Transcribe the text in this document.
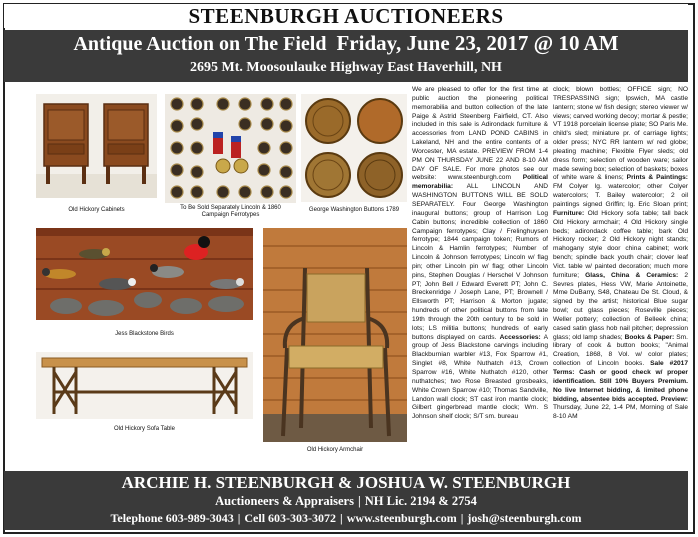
STEENBURGH AUCTIONEERS
Antique Auction on The Field Friday, June 23, 2017 @ 10 AM
2695 Mt. Moosoulauke Highway East Haverhill, NH
Old Hickory Cabinets	To Be Sold Separately Lincoln & 1860
Campaign Ferrotypes
George Washington Buttons 1789
Jess Blackstone Birds
Old Hickory Sofa Table
Old Hickory Armchair
We are pleased to offer for the first time at public auction the pioneering political memorabilia and button collection of the late Paige & Astrid Steenberg Fairfield, CT. Also included in this sale is Adirondack furniture & accessories from LAND POND CABINS in Lakeland, NH and the entire contents of a Worcester, MA estate. PREVIEW FROM 1-4 PM ON THURSDAY JUNE 22 AND 8-10 AM DAY OF SALE. For more photos see our website: www.steenburgh.com Political memorabilia: ALL LINCOLN AND WASHINGTON BUTTONS WILL BE SOLD SEPARATELY. Four George Washington inaugural buttons; group of Harrison Log Cabin buttons; incredible collection of 1860 Campaign ferrotypes; Clay / Frelinghuysen ferrotype; 1844 campaign token; Rumors of Lincoln & Hamlin ferrotypes; Number of Lincoln & Johnson ferrotypes; Lincoln w/ flag pin; other Lincoln pin w/ flag; other Lincoln pins, Stephen Douglas / Herschel V Johnson PT; John Bell / Edward Everett PT; John C. Breckenridge / Joseph Lane, PT; Brownell / Ellsworth PT; Harrison & Morton jugate; hundreds of other political buttons from late 19th through the 20th century to be sold in lots; LS militia buttons; hundreds of early buttons displayed on cards. Accessories: A group of Jess Blackstone carvings including Blackburnian warbler #13, Fox Sparrow #1, Singlet #8, White Nuthatch #13, Crown Sparrow #16, White Nuthatch #120, other nuthatches; two Rose Breasted grosbeaks, White Crown Sparrow #10; Thomas Sandville, Landon wall clock; ST cast iron mantle clock; Gilbert gingerbread mantle clock; Wm. S Johnson shelf clock; S/T sm. bureau
clock; blown bottles; OFFICE sign; NO TRESPASSING sign; Ipswich, MA castle lantern; stone w/ fish design; stereo viewer w/ views; carved working decoy; mortar & pestle; VT 1918 porcelain license plate; SO Paris Me. child's sled; miniature pr. of carriage lights; older press; NYC RR lantern w/ red globe; pleating machine; Flexible Flyer sleds; old dress form; selection of wooden ware; sailor made sewing box; selection of baskets; boxes of white ware & linens; Prints & Paintings: FM Colyer lg. watercolor; other Colyer watercolors; T. Bailey watercolor; 2 oil paintings signed Griffin; lg. Eric Sloan print; Furniture: Old Hickory sofa table; tall back Old Hickory armchair; 4 Old Hickory single beds; adirondack coffee table; bark Old Hickory rocker; 2 Old Hickory night stands; mahogany style door china cabinet; work bench; spindle back youth chair; clover leaf Vict. table w/ painted decoration; much more furniture; Glass, China & Ceramics: 2 Sevres plates, Hess VW, Marie Antoinette, Mme DuBarry, S48, Chateau De St. Cloud, & signed by the artist; historical Blue sugar bowl; cut glass pieces; Roseville pieces; Weller pottery; collection of Belleek china; cased satin glass hob nail pitcher; depression glass; old lamp shades; Books & Paper: Sm. library of cook & button books; "Animal Creation, 1868, 8 Vol. w/ color plates; collection of Lincoln books. Sale #2017 Terms: Cash or good check w/ proper identification. Still 10% Buyers Premium. No live Internet bidding, & limited phone bidding, absentee bids accepted. Preview: Thursday, June 22, 1-4 PM, Morning of Sale 8-10 AM
ARCHIE H. STEENBURGH & JOSHUA W. STEENBURGH
Auctioneers & Appraisers | NH Lic. 2194 & 2754
Telephone 603-989-3043 | Cell 603-303-3072 | www.steenburgh.com | josh@steenburgh.com
